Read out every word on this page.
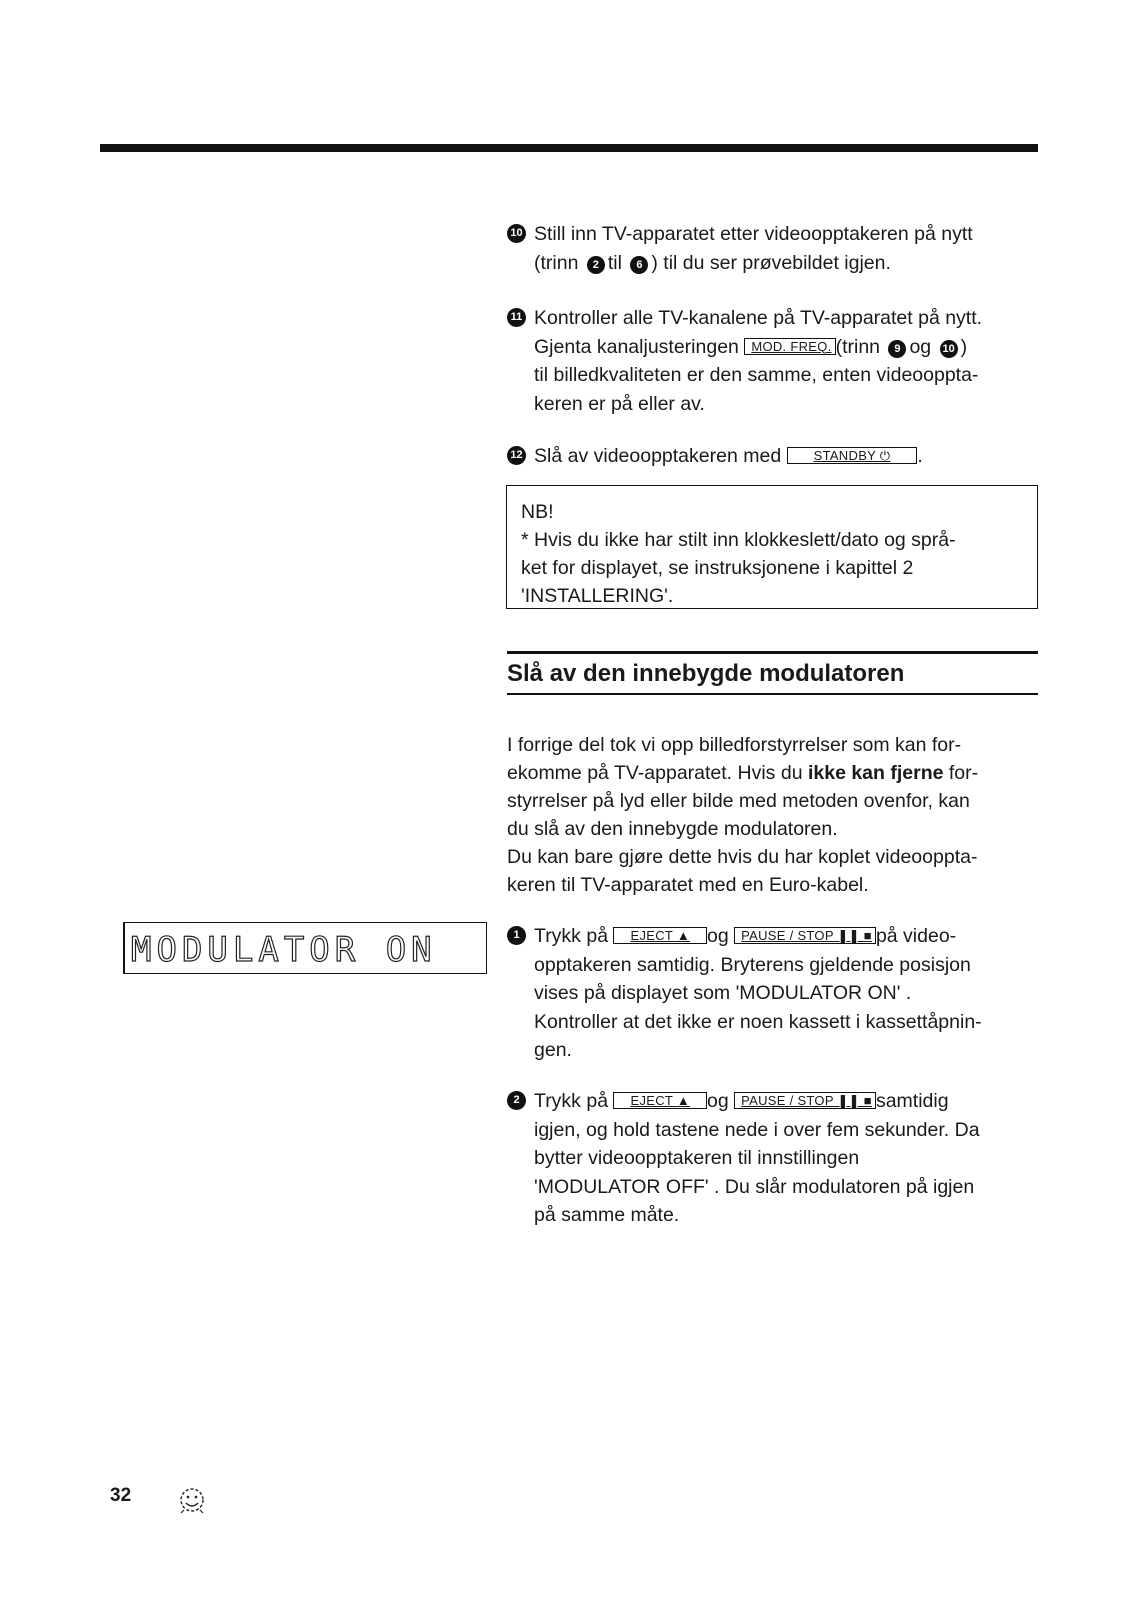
10 Still inn TV-apparatet etter videoopptakeren på nytt
(trinn 2 til 6 ) til du ser prøvebildet igjen.
11 Kontroller alle TV-kanalene på TV-apparatet på nytt.
Gjenta kanaljusteringen MOD. FREQ. (trinn 9 og 10 )
til billedkvaliteten er den samme, enten videooppta-
keren er på eller av.
12 Slå av videoopptakeren med STANDBY ⏻ .
NB!
* Hvis du ikke har stilt inn klokkeslett/dato og språ-
ket for displayet, se instruksjonene i kapittel 2
'INSTALLERING'.
Slå av den innebygde modulatoren
I forrige del tok vi opp billedforstyrrelser som kan for-
ekomme på TV-apparatet. Hvis du ikke kan fjerne for-
styrrelser på lyd eller bilde med metoden ovenfor, kan
du slå av den innebygde modulatoren.
Du kan bare gjøre dette hvis du har koplet videooppta-
keren til TV-apparatet med en Euro-kabel.
MODULATOR ON	1 Trykk på EJECT ▲ og PAUSE / STOP ❚❚ ■ på video-
opptakeren samtidig. Bryterens gjeldende posisjon
vises på displayet som 'MODULATOR ON' .
Kontroller at det ikke er noen kassett i kassettåpnin-
gen.
2 Trykk på EJECT ▲ og PAUSE / STOP ❚❚ ■ samtidig
igjen, og hold tastene nede i over fem sekunder. Da
bytter videoopptakeren til innstillingen
'MODULATOR OFF' . Du slår modulatoren på igjen
på samme måte.
32
